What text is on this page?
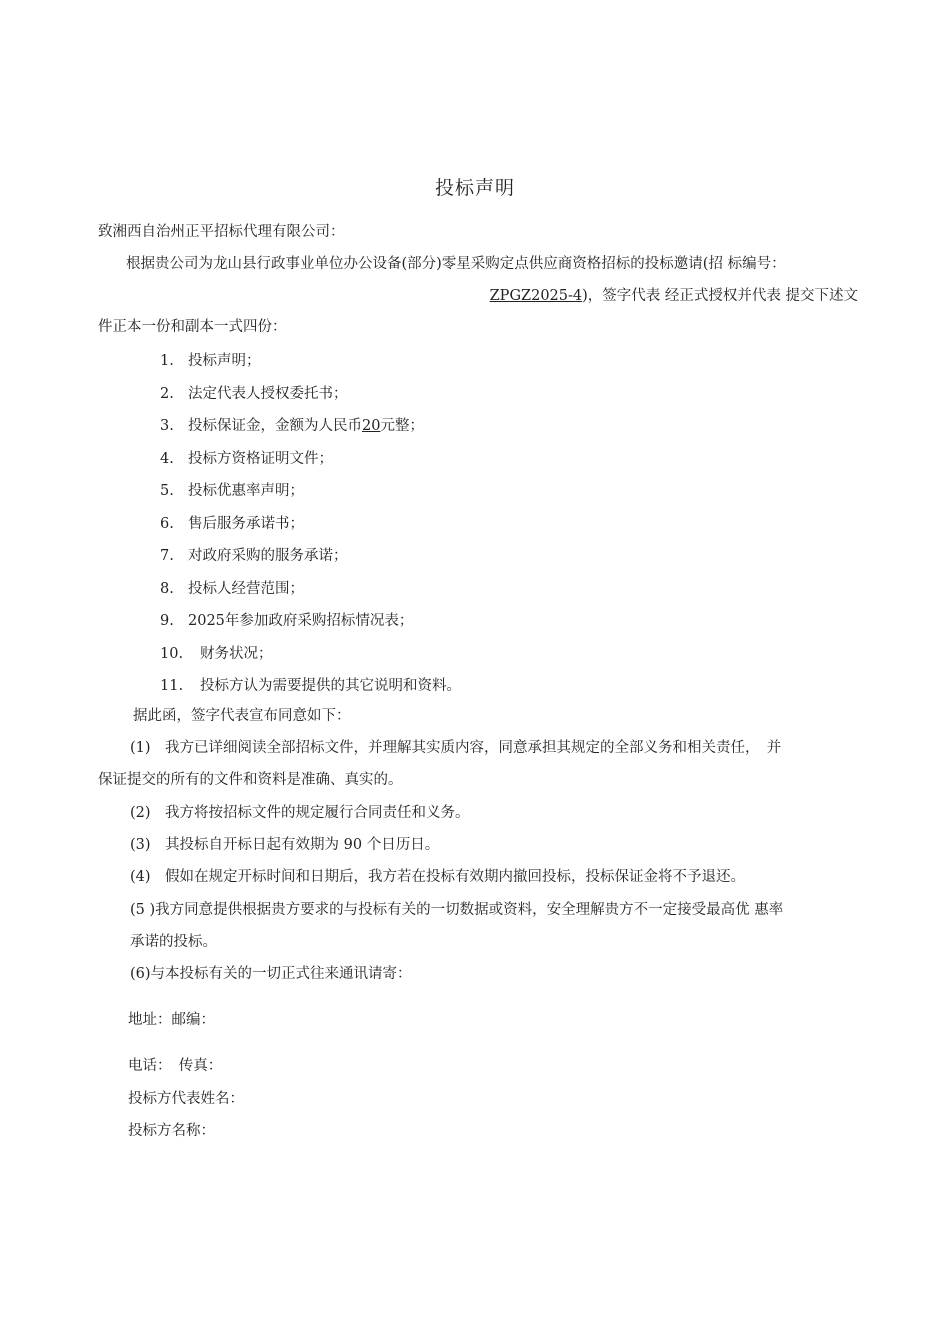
投标声明
致湘西自治州正平招标代理有限公司：
根据贵公司为龙山县行政事业单位办公设备(部分)零星采购定点供应商资格招标的投标邀请(招 标编号：
ZPGZ2025-4)，签字代表 经正式授权并代表 提交下述文
件正本一份和副本一式四份：
1. 投标声明；
2. 法定代表人授权委托书；
3. 投标保证金，金额为人民币20元整；
4. 投标方资格证明文件；
5. 投标优惠率声明；
6. 售后服务承诺书；
7. 对政府采购的服务承诺；
8. 投标人经营范围；
9. 2025年参加政府采购招标情况表；
10. 财务状况；
11. 投标方认为需要提供的其它说明和资料。
据此函，签字代表宣布同意如下：
(1)　我方已详细阅读全部招标文件，并理解其实质内容，同意承担其规定的全部义务和相关责任，　并
保证提交的所有的文件和资料是准确、真实的。
(2)　我方将按招标文件的规定履行合同责任和义务。
(3)　其投标自开标日起有效期为 90 个日历日。
(4)　假如在规定开标时间和日期后，我方若在投标有效期内撤回投标，投标保证金将不予退还。
(5 )我方同意提供根据贵方要求的与投标有关的一切数据或资料，安全理解贵方不一定接受最高优 惠率
承诺的投标。
(6)与本投标有关的一切正式往来通讯请寄：
地址：邮编：
电话：　传真：
投标方代表姓名：
投标方名称：
